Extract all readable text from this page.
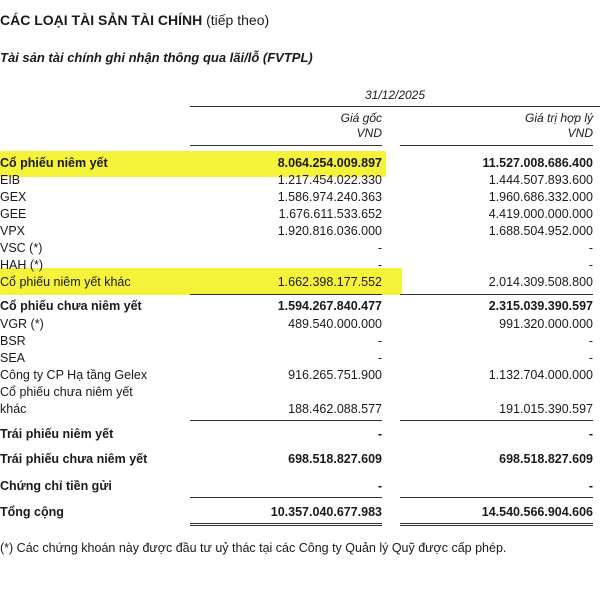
CÁC LOẠI TÀI SẢN TÀI CHÍNH (tiếp theo)
Tài sản tài chính ghi nhận thông qua lãi/lỗ (FVTPL)
31/12/2025
Giá gốc
VND
Giá trị hợp lý
VND
Cổ phiếu niêm yết	8.064.254.009.897	11.527.008.686.400
EIB	1.217.454.022.330	1.444.507.893.600
GEX	1.586.974.240.363	1.960.686.332.000
GEE	1.676.611.533.652	4.419.000.000.000
VPX	1.920.816.036.000	1.688.504.952.000
VSC (*)	-	-
HAH (*)	-	-
Cổ phiếu niêm yết khác	1.662.398.177.552	2.014.309.508.800
Cổ phiếu chưa niêm yết	1.594.267.840.477	2.315.039.390.597
VGR (*)	489.540.000.000	991.320.000.000
BSR	-	-
SEA	-	-
Công ty CP Hạ tầng Gelex	916.265.751.900	1.132.704.000.000
Cổ phiếu chưa niêm yết
khác	188.462.088.577	191.015.390.597
Trái phiếu niêm yết	-	-
Trái phiếu chưa niêm yết	698.518.827.609	698.518.827.609
Chứng chỉ tiền gửi	-	-
Tổng cộng	10.357.040.677.983	14.540.566.904.606
(*) Các chứng khoán này được đầu tư uỷ thác tại các Công ty Quản lý Quỹ được cấp phép.
